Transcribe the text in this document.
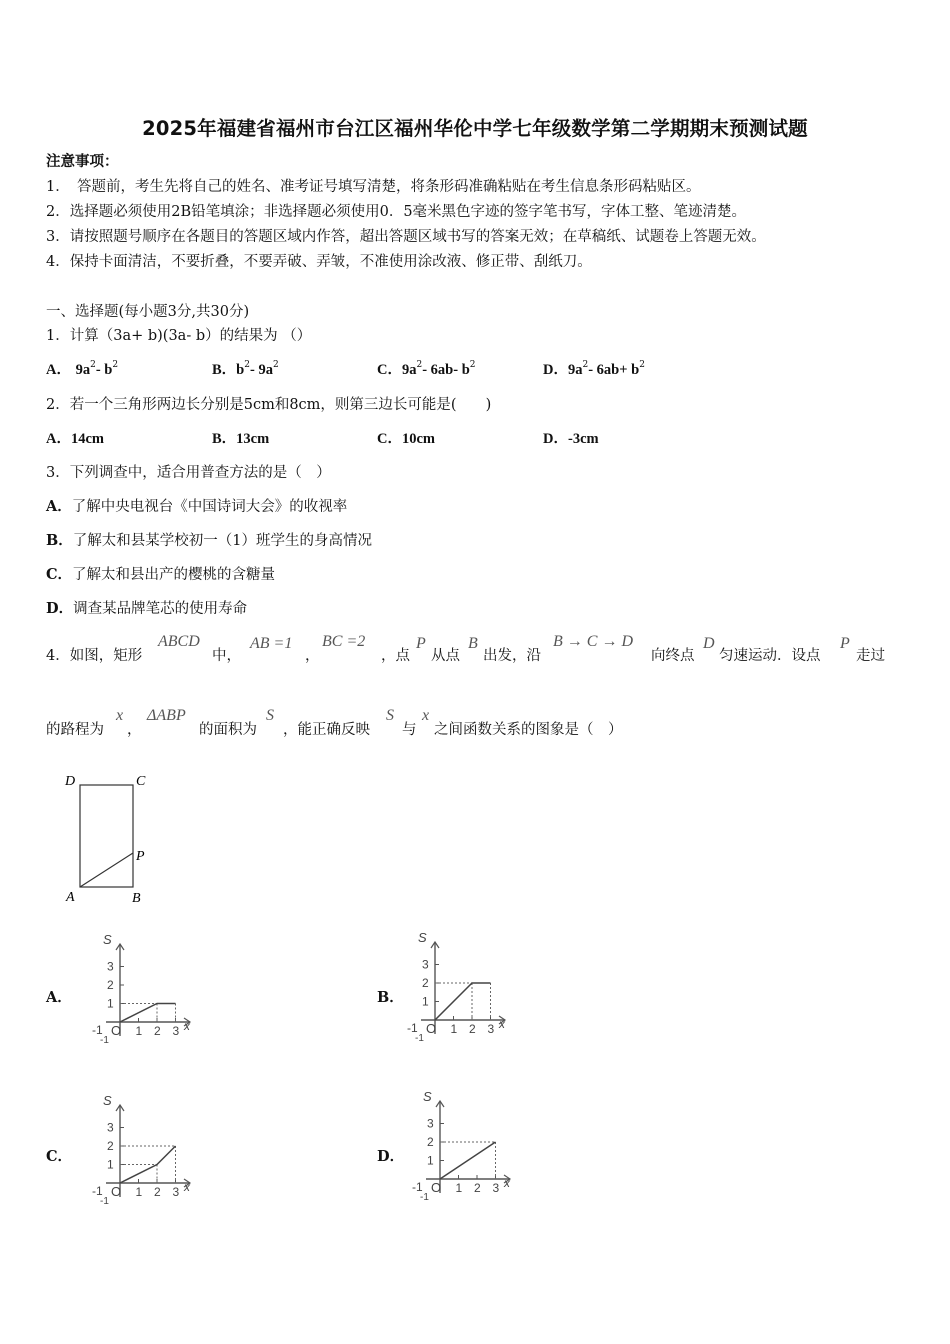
2025年福建省福州市台江区福州华伦中学七年级数学第二学期期末预测试题
注意事项：
1．　答题前，考生先将自己的姓名、准考证号填写清楚，将条形码准确粘贴在考生信息条形码粘贴区。
2．选择题必须使用2B铅笔填涂；非选择题必须使用0．5毫米黑色字迹的签字笔书写，字体工整、笔迹清楚。
3．请按照题号顺序在各题目的答题区域内作答，超出答题区域书写的答案无效；在草稿纸、试题卷上答题无效。
4．保持卡面清洁，不要折叠，不要弄破、弄皱，不准使用涂改液、修正带、刮纸刀。
一、选择题(每小题3分,共30分)
1．计算（3a+ b)(3a- b）的结果为 （）
A． $9a^2-$ $b^2$	B．$b^2-$ $9a^2$	C．$9a^2-$ 6ab- $b^2$	D．$9a^2-$ $6ab+ b^2$
2．若一个三角形两边长分别是5cm和8cm，则第三边长可能是(　　)
A．14cm	B．13cm	C．10cm	D．-3cm
3．下列调查中，适合用普查方法的是（　）
A．了解中央电视台《中国诗词大会》的收视率
B．了解太和县某学校初一（1）班学生的身高情况
C．了解太和县出产的樱桃的含糖量
D．调查某品牌笔芯的使用寿命
4．如图，矩形
ABCD
中，
AB =1
，
BC =2
，点
P
从点
B
出发，沿
B → C → D
向终点
D
匀速运动．设点
P
走过
的路程为
x
，
ΔABP
的面积为
S
，能正确反映
S
与
x
之间函数关系的图象是（　）
D	C
P
A	B
A．	B．
C．	D．
1
1
2
2
3
3
-1
-1
O	x
S
1
1
2
2
3
3
-1
-1
O	x
S
1
1
2
2
3
3
-1
-1
O	x
S
1
1
2
2
3
3
-1
-1
O	x
S
